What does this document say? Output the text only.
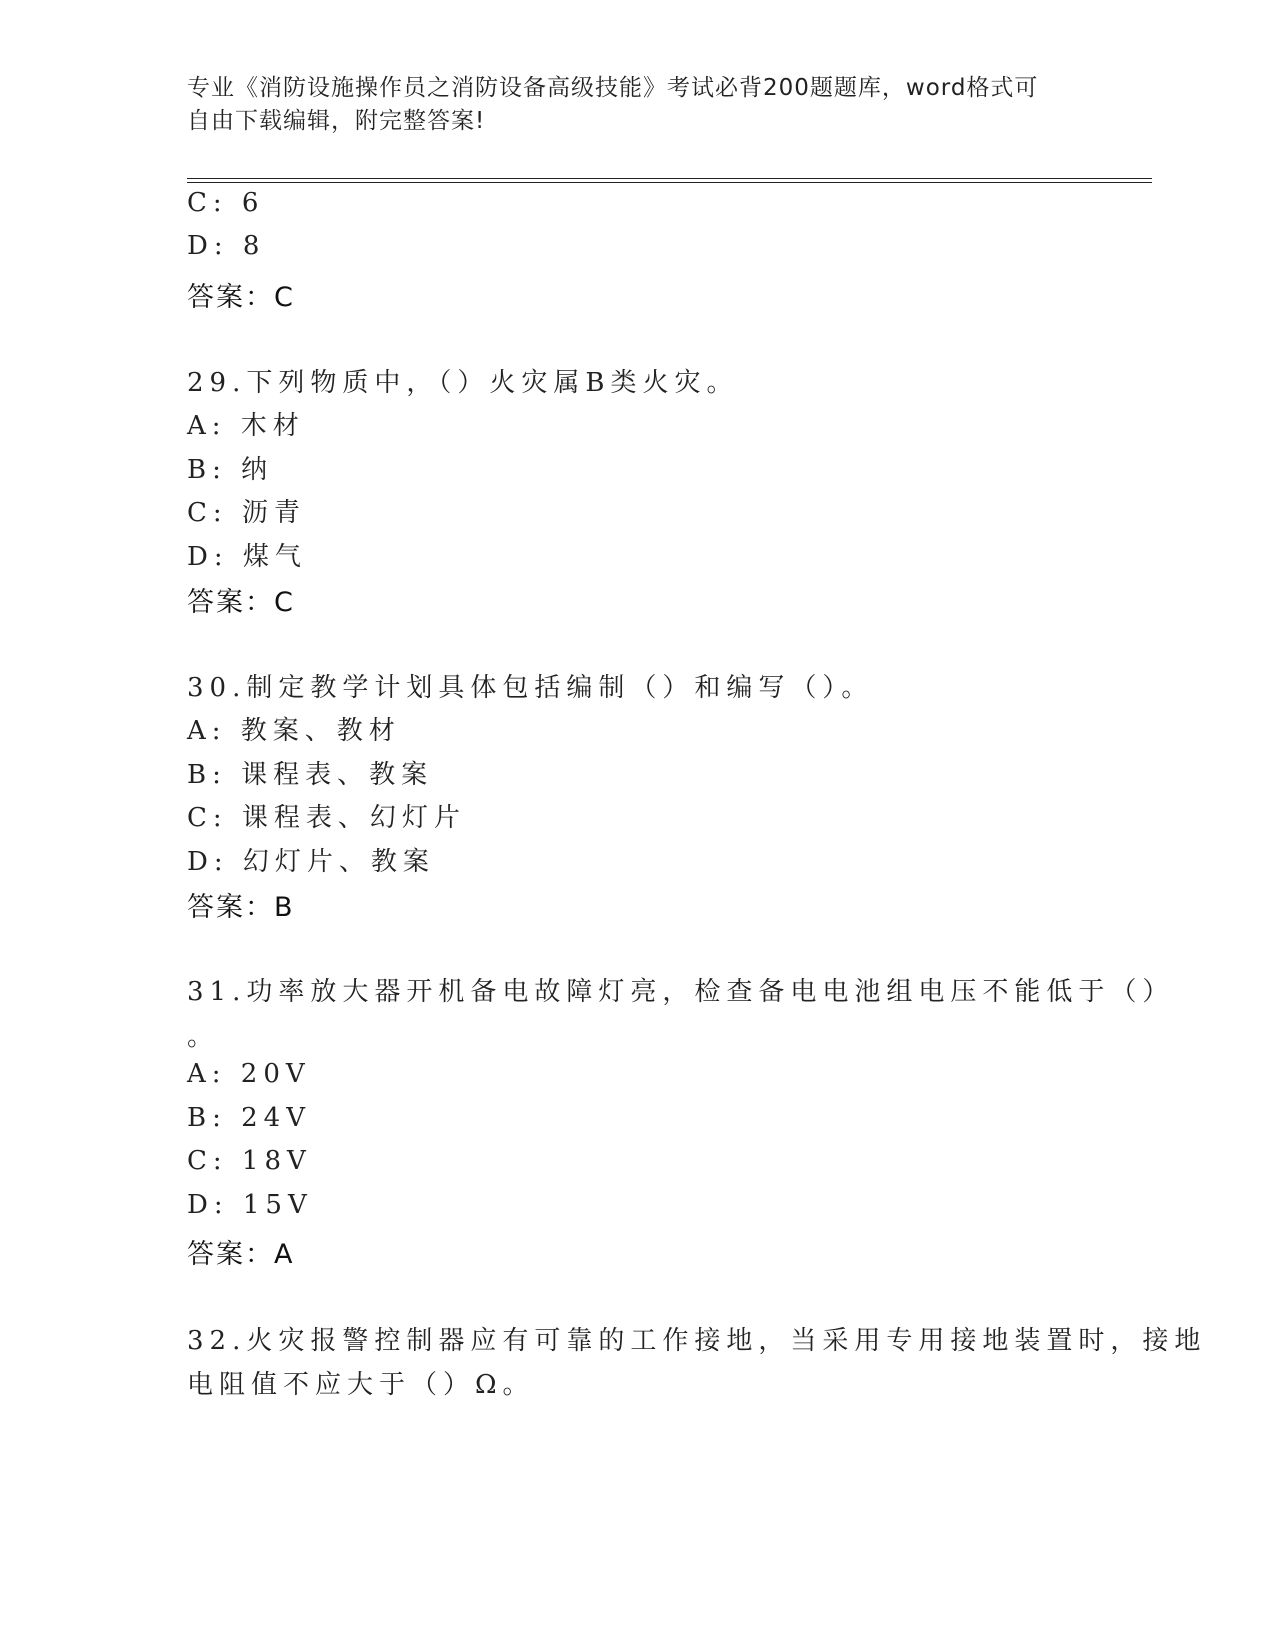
专业《消防设施操作员之消防设备高级技能》考试必背200题题库，word格式可
自由下载编辑，附完整答案!
C: 6
D: 8
答案：C
29.下列物质中，（）火灾属B类火灾。
A: 木材
B: 纳
C: 沥青
D: 煤气
答案：C
30.制定教学计划具体包括编制（）和编写（）。
A: 教案、教材
B: 课程表、教案
C: 课程表、幻灯片
D: 幻灯片、教案
答案：B
31.功率放大器开机备电故障灯亮，检查备电电池组电压不能低于（）
。
A: 20V
B: 24V
C: 18V
D: 15V
答案：A
32.火灾报警控制器应有可靠的工作接地，当采用专用接地装置时，接地
电阻值不应大于（）Ω。
